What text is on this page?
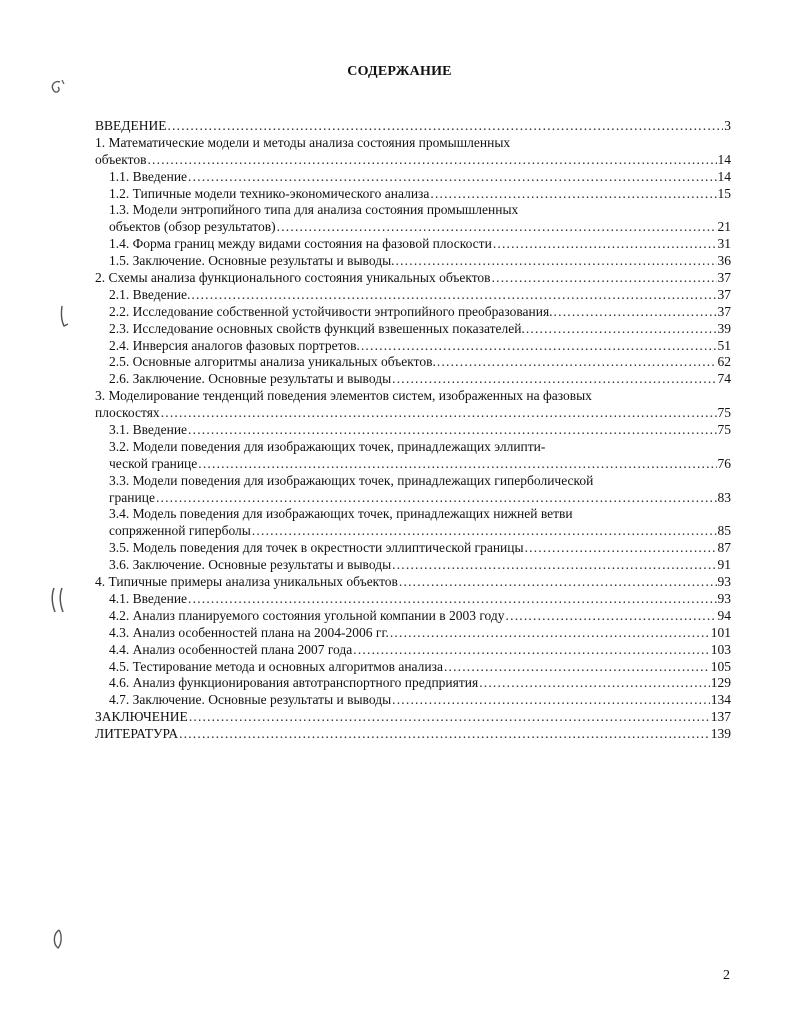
СОДЕРЖАНИЕ
ВВЕДЕНИЕ .....	3
1. Математические модели и методы анализа состояния промышленных
объектов .....	14
1.1. Введение .....	14
1.2. Типичные модели технико-экономического анализа .....	15
1.3. Модели энтропийного типа для анализа состояния промышленных
объектов (обзор результатов) .....	21
1.4. Форма границ между видами состояния на фазовой плоскости .....	31
1.5. Заключение. Основные результаты и выводы. .....	36
2. Схемы анализа функционального состояния уникальных объектов .....	37
2.1. Введение. .....	37
2.2. Исследование собственной устойчивости энтропийного преобразования. .....	37
2.3. Исследование основных свойств функций взвешенных показателей. .....	39
2.4. Инверсия аналогов фазовых портретов. .....	51
2.5. Основные алгоритмы анализа уникальных объектов. .....	62
2.6. Заключение. Основные результаты и выводы .....	74
3. Моделирование тенденций поведения элементов систем, изображенных на фазовых
плоскостях .....	75
3.1. Введение .....	75
3.2. Модели поведения для изображающих точек, принадлежащих эллипти-
ческой границе .....	76
3.3. Модели поведения для изображающих точек, принадлежащих гиперболической
границе .....	83
3.4. Модель поведения для изображающих точек, принадлежащих нижней ветви
сопряженной гиперболы .....	85
3.5. Модель поведения для точек в окрестности эллиптической границы .....	87
3.6. Заключение. Основные результаты и выводы .....	91
4. Типичные примеры анализа уникальных объектов .....	93
4.1. Введение .....	93
4.2. Анализ планируемого состояния угольной компании в 2003 году .....	94
4.3. Анализ особенностей плана на 2004-2006 гг. .....	101
4.4. Анализ особенностей плана 2007 года .....	103
4.5. Тестирование метода и основных алгоритмов анализа .....	105
4.6. Анализ функционирования автотранспортного предприятия .....	129
4.7. Заключение. Основные результаты и выводы .....	134
ЗАКЛЮЧЕНИЕ .....	137
ЛИТЕРАТУРА .....	139
2
